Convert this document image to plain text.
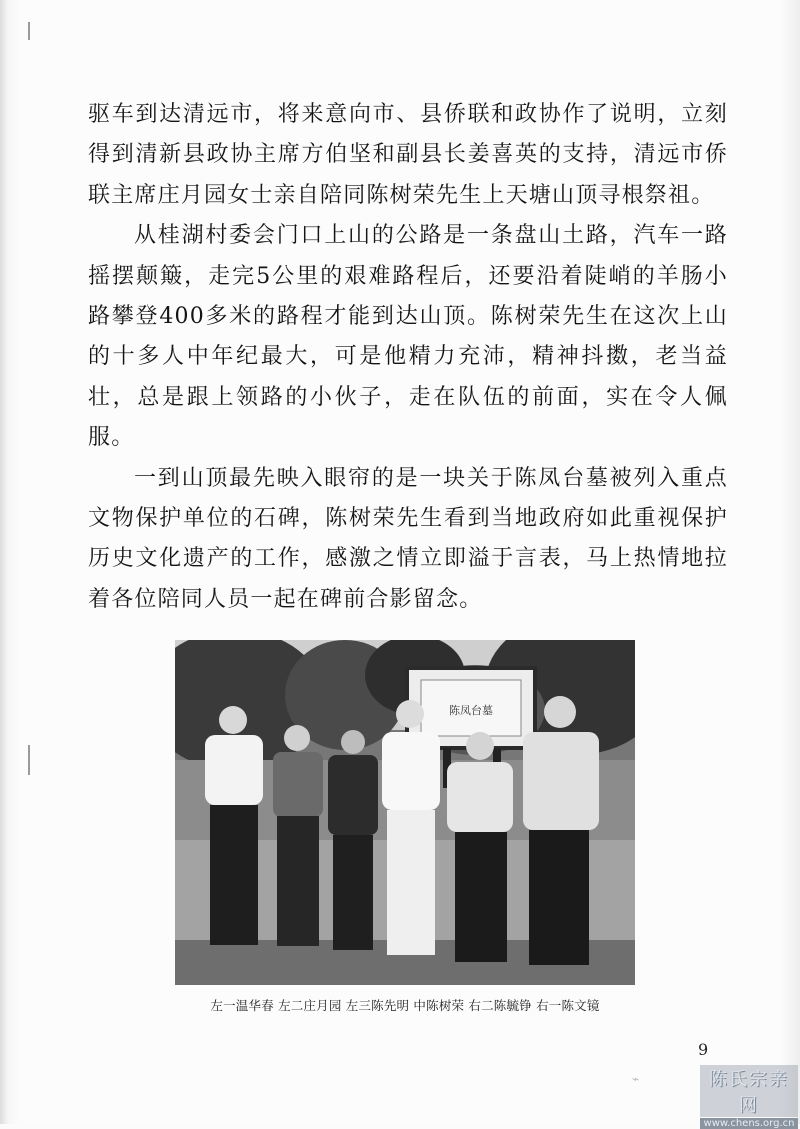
驱车到达清远市，将来意向市、县侨联和政协作了说明，立刻得到清新县政协主席方伯坚和副县长姜喜英的支持，清远市侨联主席庄月园女士亲自陪同陈树荣先生上天塘山顶寻根祭祖。

从桂湖村委会门口上山的公路是一条盘山土路，汽车一路摇摆颠簸，走完5公里的艰难路程后，还要沿着陡峭的羊肠小路攀登400多米的路程才能到达山顶。陈树荣先生在这次上山的十多人中年纪最大，可是他精力充沛，精神抖擞，老当益壮，总是跟上领路的小伙子，走在队伍的前面，实在令人佩服。

一到山顶最先映入眼帘的是一块关于陈凤台墓被列入重点文物保护单位的石碑，陈树荣先生看到当地政府如此重视保护历史文化遗产的工作，感激之情立即溢于言表，马上热情地拉着各位陪同人员一起在碑前合影留念。

陈凤台墓
左一温华春 左二庄月园 左三陈先明 中陈树荣 右二陈毓铮 右一陈文镜
9
⌁	陈氏宗亲网
www.chens.org.cn
